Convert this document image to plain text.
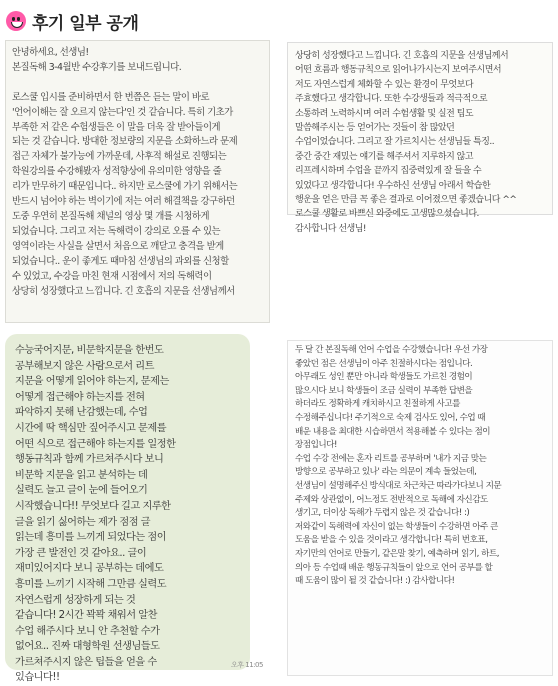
후기 일부 공개
안녕하세요, 선생님!
본질독해 3-4월반 수강후기를 보내드립니다.

로스쿨 입시를 준비하면서 한 번쯤은 듣는 말이 바로
'언어이해는 잘 오르지 않는다'인 것 같습니다. 특히 기초가
부족한 저 같은 수험생들은 이 말을 더욱 잘 받아들이게
되는 것 같습니다. 방대한 정보량의 지문을 소화하느라 문제
접근 자체가 불가능에 가까운데, 사후적 해설로 진행되는
학원강의를 수강해봤자 성적향상에 유의미한 영향을 줄
리가 만무하기 때문입니다.. 하지만 로스쿨에 가기 위해서는
반드시 넘어야 하는 벽이기에 저는 여러 해결책을 강구하던
도중 우연히 본질독해 채널의 영상 몇 개를 시청하게
되었습니다. 그리고 저는 독해력이 강의로 오를 수 있는
영역이라는 사실을 살면서 처음으로 깨닫고 충격을 받게
되었습니다.. 운이 좋게도 때마침 선생님의 과외를 신청할
수 있었고, 수강을 마친 현재 시점에서 저의 독해력이
상당히 성장했다고 느낍니다. 긴 호흡의 지문을 선생님께서
상당히 성장했다고 느낍니다. 긴 호흡의 지문을 선생님께서
어떤 흐름과 행동규칙으로 읽어나가시는지 보여주시면서
저도 자연스럽게 체화할 수 있는 환경이 무엇보다
주효했다고 생각합니다. 또한 수강생들과 적극적으로
소통하려 노력하시며 여러 수험생활 및 실전 팁도
말씀해주시는 등 얻어가는 것들이 참 많았던
수업이었습니다. 그리고 잘 가르치시는 선생님들 특징..
중간 중간 재밌는 얘기를 해주셔서 지루하지 않고
리프레시하며 수업을 끝까지 집중력있게 잘 들을 수
있었다고 생각합니다! 우수하신 선생님 아래서 학습한
행운을 얻은 만큼 꼭 좋은 결과로 이어졌으면 좋겠습니다 ^^
로스쿨 생활로 바쁘신 와중에도 고생많으셨습니다.
감사합니다 선생님!
수능국어지문, 비문학지문을 한번도
공부해보지 않은 사람으로서 리트
지문을 어떻게 읽어야 하는지, 문제는
어떻게 접근해야 하는지를 전혀
파악하지 못해 난감했는데, 수업
시간에 딱 핵심만 짚어주시고 문제를
어떤 식으로 접근해야 하는지를 일정한
행동규칙과 함께 가르쳐주시다 보니
비문학 지문을 읽고 분석하는 데
실력도 늘고 글이 눈에 들어오기
시작했습니다!! 무엇보다 길고 지루한
글을 읽기 싫어하는 제가 점점 글
읽는데 흥미를 느끼게 되었다는 점이
가장 큰 발전인 것 같아요.. 글이
재미있어지다 보니 공부하는 데에도
흥미를 느끼기 시작해 그만큼 실력도
자연스럽게 성장하게 되는 것
같습니다! 2시간 꽉꽉 채워서 알찬
수업 해주시다 보니 안 추천할 수가
없어요.. 진짜 대형학원 선생님들도
가르쳐주시지 않은 팁들을 얻을 수
있습니다!!
오후 11:05
두 달 간 본질독해 언어 수업을 수강했습니다! 우선 가장
좋았던 점은 선생님이 아주 친절하시다는 점입니다.
아무래도 성인 뿐만 아니라 학생들도 가르친 경험이
많으시다 보니 학생들이 조금 실력이 부족한 답변을
하더라도 정확하게 캐치하시고 친절하게 사고를
수정해주십니다! 주기적으로 숙제 검사도 있어, 수업 때
배운 내용을 최대한 시습하면서 적용해볼 수 있다는 점이
장점입니다!
수업 수강 전에는 혼자 리트를 공부하며 '내가 지금 맞는
방향으로 공부하고 있나' 라는 의문이 계속 들었는데,
선생님이 설명해주신 방식대로 차근차근 따라가다보니 지문
주제와 상관없이, 어느정도 전반적으로 독해에 자신감도
생기고, 더이상 독해가 두렵지 않은 것 같습니다! :)
저와같이 독해력에 자신이 없는 학생들이 수강하면 아주 큰
도움을 받을 수 있을 것이라고 생각합니다! 특히 번호표,
자기만의 언어로 만들기, 같은말 찾기, 예측하며 읽기, 하트,
의아 등 수업때 배운 행동규칙들이 앞으로 언어 공부를 할
때 도움이 많이 될 것 같습니다! :) 감사합니다!
